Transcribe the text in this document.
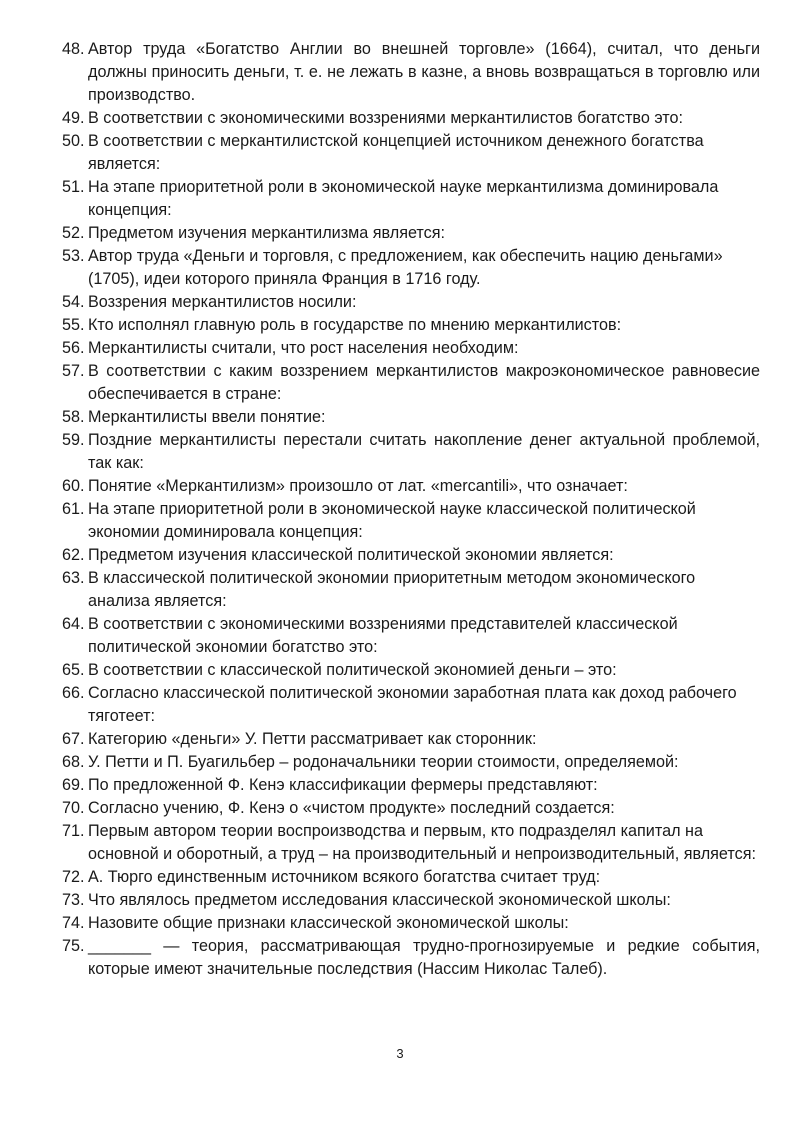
48. Автор труда «Богатство Англии во внешней торговле» (1664), считал, что деньги должны приносить деньги, т. е. не лежать в казне, а вновь возвращаться в торговлю или производство.
49. В соответствии с экономическими воззрениями меркантилистов богатство это:
50. В соответствии с меркантилистской концепцией источником денежного богатства является:
51. На этапе приоритетной роли в экономической науке меркантилизма доминировала концепция:
52. Предметом изучения меркантилизма является:
53. Автор труда «Деньги и торговля, с предложением, как обеспечить нацию деньгами» (1705), идеи которого приняла Франция в 1716 году.
54. Воззрения меркантилистов носили:
55. Кто исполнял главную роль в государстве по мнению меркантилистов:
56. Меркантилисты считали, что рост населения необходим:
57. В соответствии с каким воззрением меркантилистов макроэкономическое равновесие обеспечивается в стране:
58. Меркантилисты ввели понятие:
59. Поздние меркантилисты перестали считать накопление денег актуальной проблемой, так как:
60. Понятие «Меркантилизм» произошло от лат. «mercantili», что означает:
61. На этапе приоритетной роли в экономической науке классической политической экономии доминировала концепция:
62. Предметом изучения классической политической экономии является:
63. В классической политической экономии приоритетным методом экономического анализа является:
64. В соответствии с экономическими воззрениями представителей классической политической экономии богатство это:
65. В соответствии с классической политической экономией деньги – это:
66. Согласно классической политической экономии заработная плата как доход рабочего тяготеет:
67. Категорию «деньги» У. Петти рассматривает как сторонник:
68. У. Петти и П. Буагильбер – родоначальники теории стоимости, определяемой:
69. По предложенной Ф. Кенэ классификации фермеры представляют:
70. Согласно учению, Ф. Кенэ о «чистом продукте» последний создается:
71. Первым автором теории воспроизводства и первым, кто подразделял капитал на основной и оборотный, а труд – на производительный и непроизводительный, является:
72. А. Тюрго единственным источником всякого богатства считает труд:
73. Что являлось предметом исследования классической экономической школы:
74. Назовите общие признаки классической экономической школы:
75. _______ — теория, рассматривающая трудно-прогнозируемые и редкие события, которые имеют значительные последствия (Нассим Николас Талеб).
3
